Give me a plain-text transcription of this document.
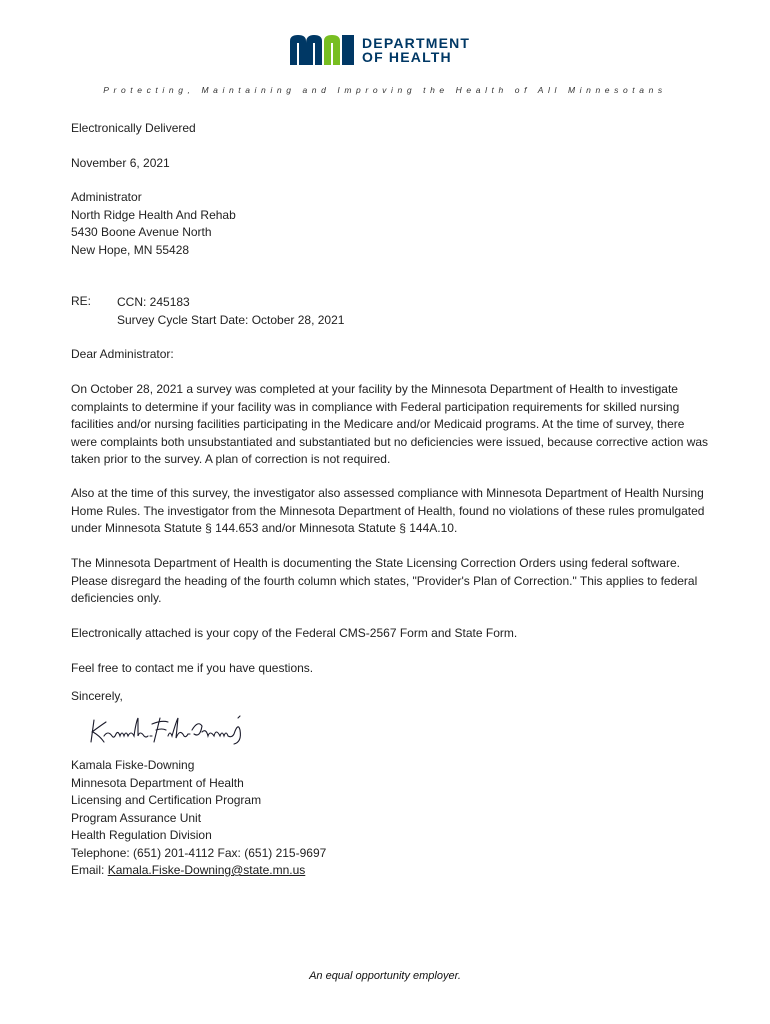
DEPARTMENT
OF HEALTH
Protecting, Maintaining and Improving the Health of All Minnesotans
Electronically Delivered
November 6, 2021

Administrator

North Ridge Health And Rehab

5430 Boone Avenue North

New Hope, MN 55428

RE: CCN: 245183

Survey Cycle Start Date: October 28, 2021

Dear Administrator:
On October 28, 2021 a survey was completed at your facility by the Minnesota Department of Health to investigate complaints to determine if your facility was in compliance with Federal participation requirements for skilled nursing facilities and/or nursing facilities participating in the Medicare and/or Medicaid programs. At the time of survey, there were complaints both unsubstantiated and substantiated but no deficiencies were issued, because corrective action was taken prior to the survey. A plan of correction is not required.
Also at the time of this survey, the investigator also assessed compliance with Minnesota Department of Health Nursing Home Rules. The investigator from the Minnesota Department of Health, found no violations of these rules promulgated under Minnesota Statute § 144.653 and/or Minnesota Statute § 144A.10.
The Minnesota Department of Health is documenting the State Licensing Correction Orders using federal software. Please disregard the heading of the fourth column which states, "Provider's Plan of Correction." This applies to federal deficiencies only.
Electronically attached is your copy of the Federal CMS-2567 Form and State Form.
Feel free to contact me if you have questions.
Sincerely,

Kamala Fiske-Downing

Minnesota Department of Health

Licensing and Certification Program

Program Assurance Unit

Health Regulation Division

Telephone: (651) 201-4112 Fax: (651) 215-9697

Email: Kamala.Fiske-Downing@state.mn.us

An equal opportunity employer.
